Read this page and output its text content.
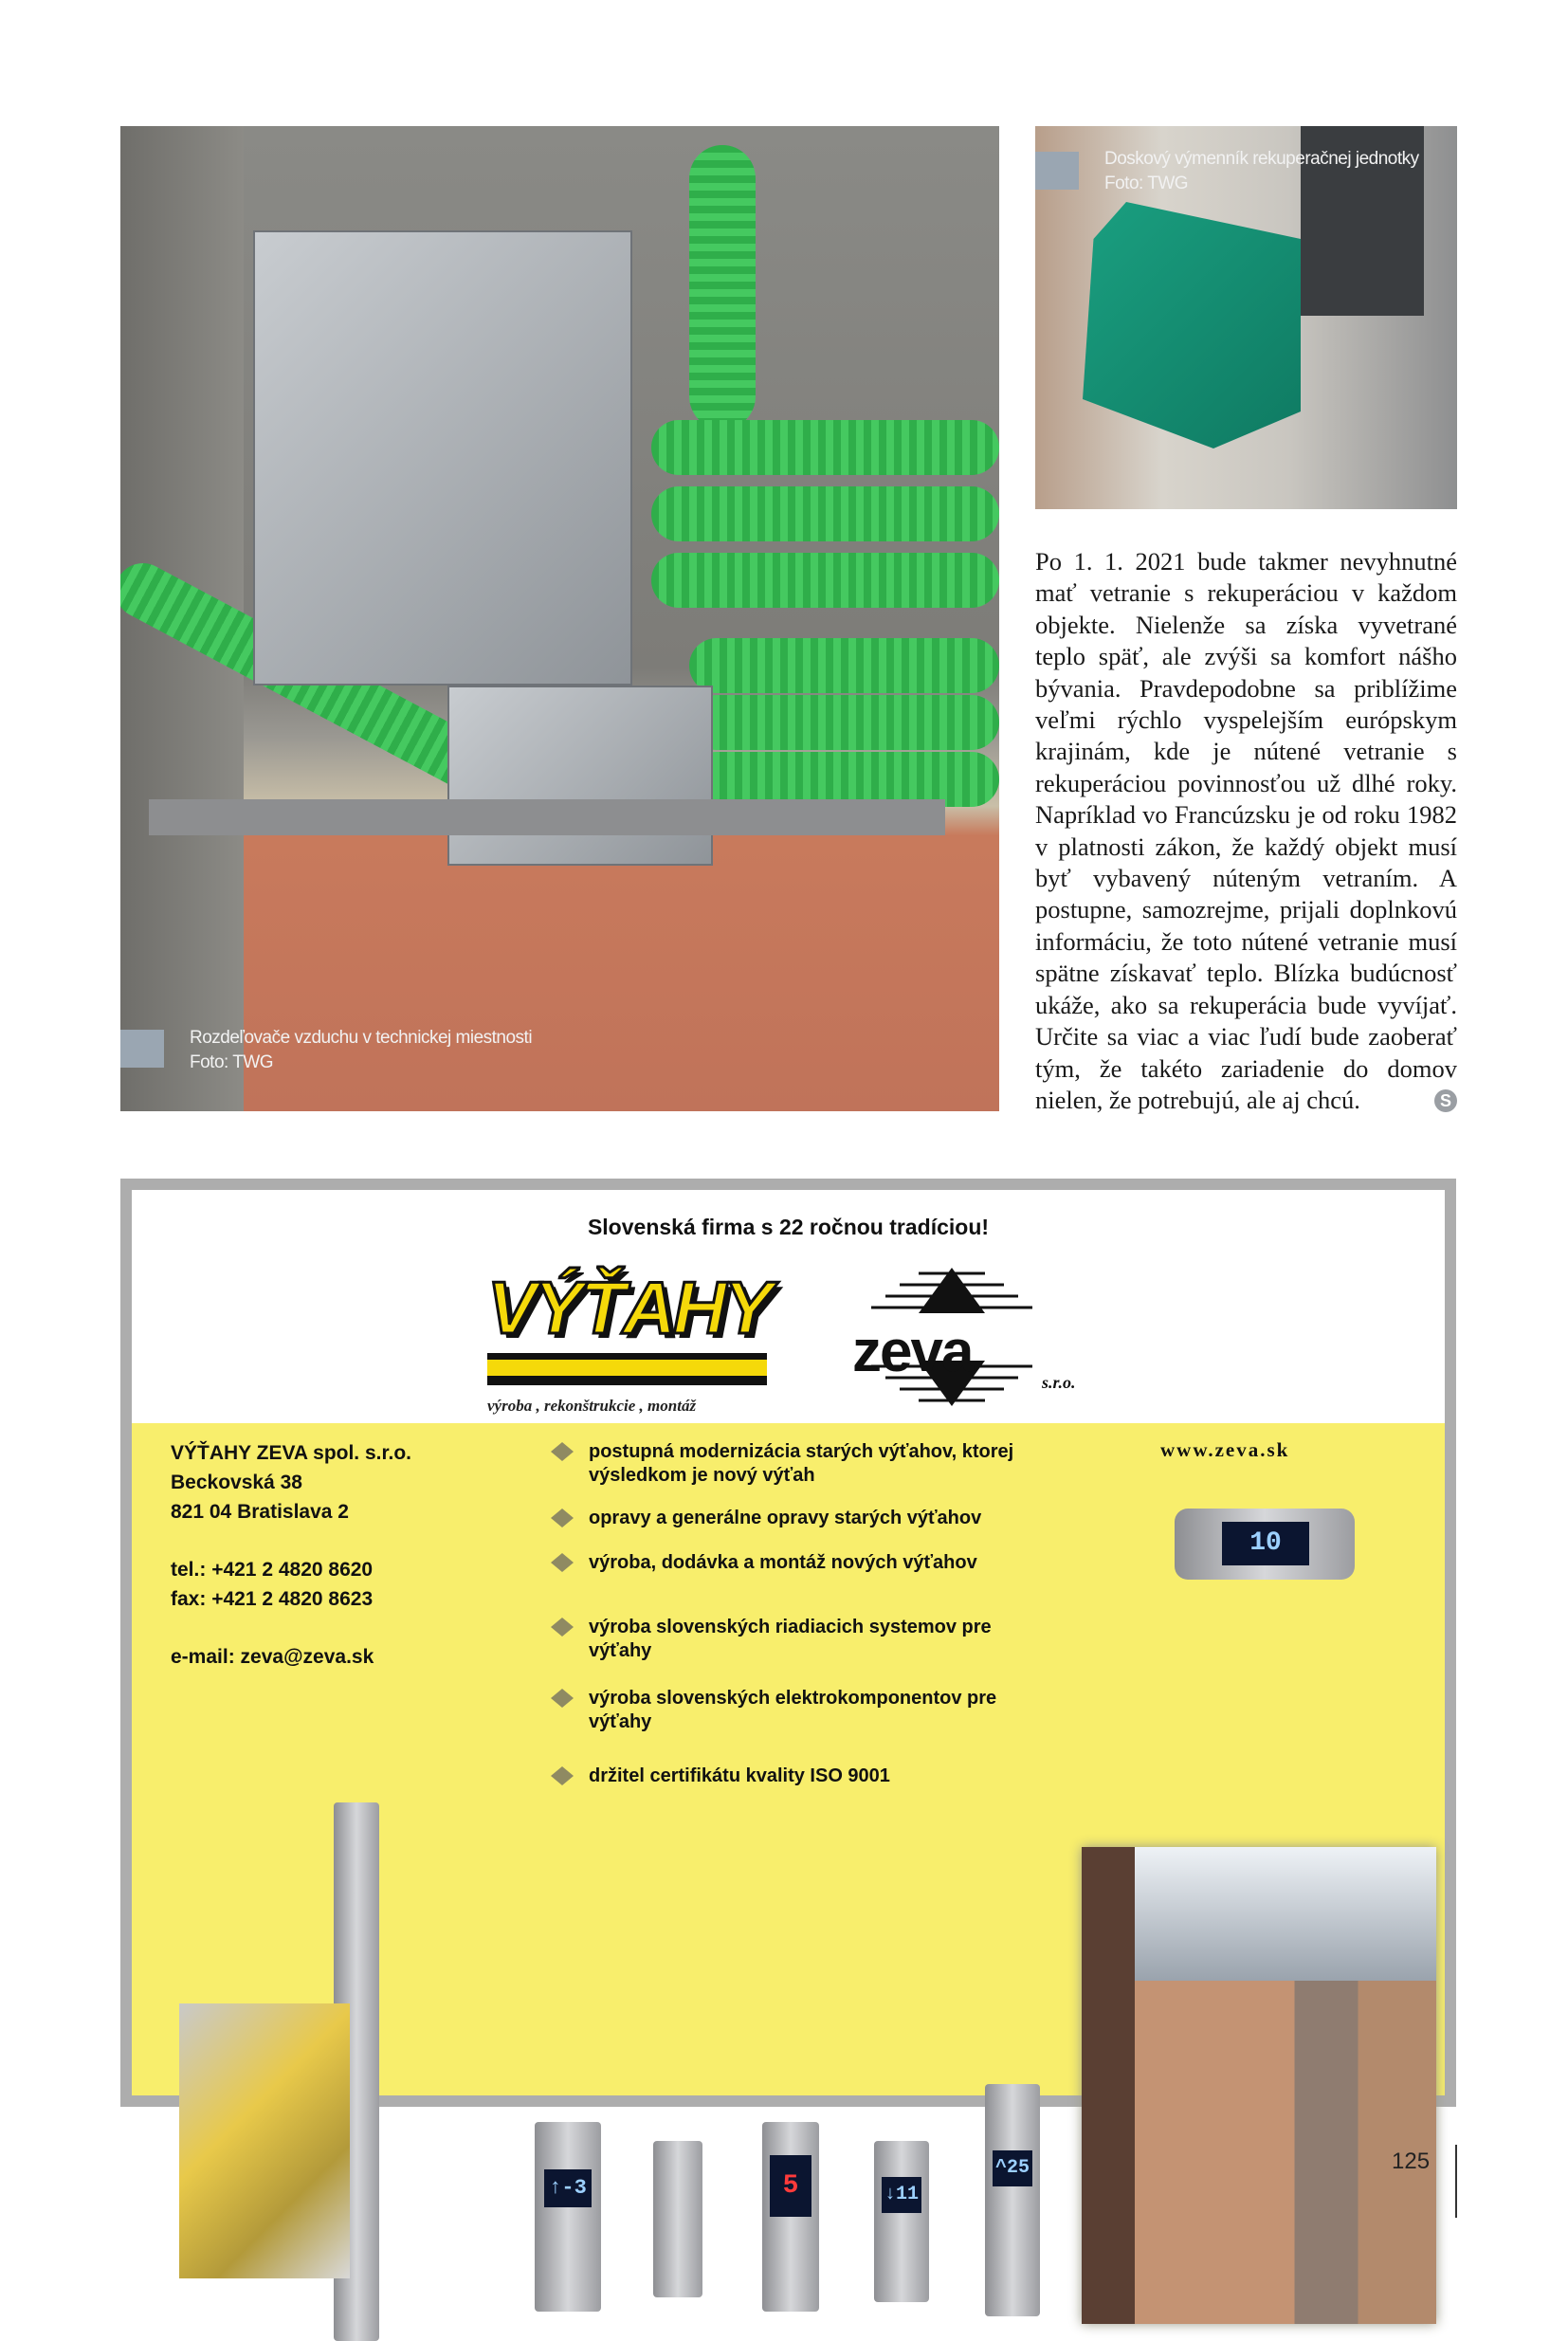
Rozdeľovače vzduchu v technickej miestnosti
Foto: TWG
Doskový výmenník rekuperačnej jednotky
Foto: TWG
Po 1. 1. 2021 bude takmer nevyhnutné mať vetranie s rekuperáciou v každom objekte. Nielenže sa získa vyvetrané teplo späť, ale zvýši sa komfort nášho bývania. Pravdepodobne sa priblížime veľmi rýchlo vyspelejším európskym krajinám, kde je nútené vetranie s rekuperáciou povinnosťou už dlhé roky. Napríklad vo Francúzsku je od roku 1982 v platnosti zákon, že každý objekt musí byť vybavený núteným vetraním. A postupne, samozrejme, prijali doplnkovú informáciu, že toto nútené vetranie musí spätne získavať teplo. Blízka budúcnosť ukáže, ako sa rekuperácia bude vyvíjať. Určite sa viac a viac ľudí bude zaoberať tým, že takéto zariadenie do domov nielen, že potrebujú, ale aj chcú.	S
Slovenská firma s 22 ročnou tradíciou!
VÝŤAHY
výroba , rekonštrukcie , montáž
zeva	s.r.o.
VÝŤAHY ZEVA spol. s.r.o.
Beckovská 38
821 04 Bratislava 2
tel.: +421 2 4820 8620
fax: +421 2 4820 8623
e-mail: zeva@zeva.sk
postupná modernizácia starých výťahov, ktorej výsledkom je nový výťah
opravy a generálne opravy starých výťahov
výroba, dodávka a montáž nových výťahov
výroba slovenských riadiacich systemov pre výťahy
výroba slovenských elektrokomponentov pre výťahy
držitel certifikátu kvality ISO 9001
www.zeva.sk
10
↑-3	5	↓11
^25	125
